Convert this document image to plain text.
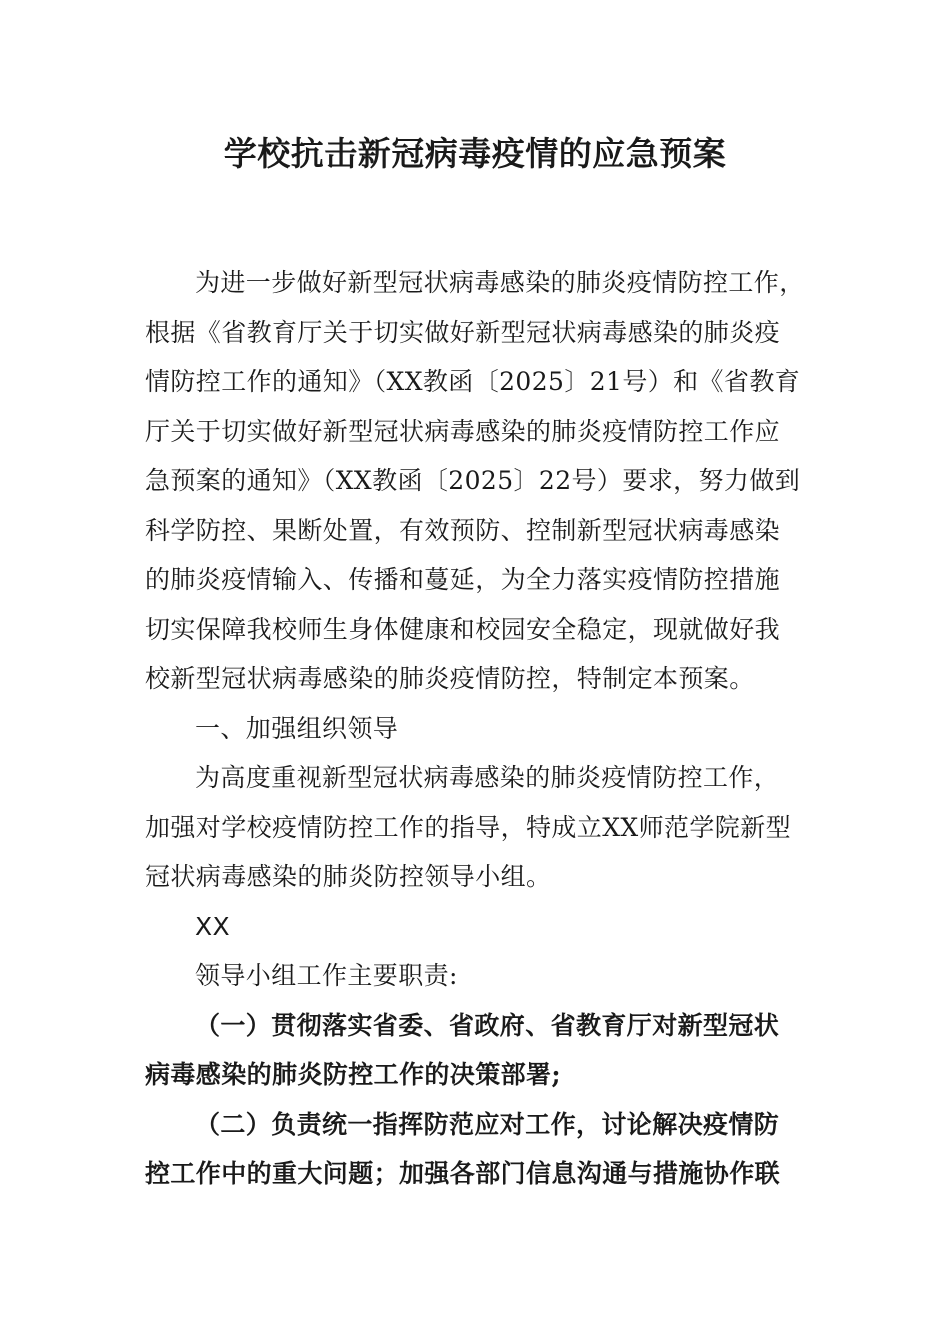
学校抗击新冠病毒疫情的应急预案
为进一步做好新型冠状病毒感染的肺炎疫情防控工作，
根据《省教育厅关于切实做好新型冠状病毒感染的肺炎疫
情防控工作的通知》（XX教函〔2025〕21号）和《省教育
厅关于切实做好新型冠状病毒感染的肺炎疫情防控工作应
急预案的通知》（XX教函〔2025〕22号）要求，努力做到
科学防控、果断处置，有效预防、控制新型冠状病毒感染
的肺炎疫情输入、传播和蔓延，为全力落实疫情防控措施
切实保障我校师生身体健康和校园安全稳定，现就做好我
校新型冠状病毒感染的肺炎疫情防控，特制定本预案。
一、加强组织领导
为高度重视新型冠状病毒感染的肺炎疫情防控工作，
加强对学校疫情防控工作的指导，特成立XX师范学院新型
冠状病毒感染的肺炎防控领导小组。
XX
领导小组工作主要职责:
（一）贯彻落实省委、省政府、省教育厅对新型冠状
病毒感染的肺炎防控工作的决策部署;
（二）负责统一指挥防范应对工作，讨论解决疫情防
控工作中的重大问题；加强各部门信息沟通与措施协作联
